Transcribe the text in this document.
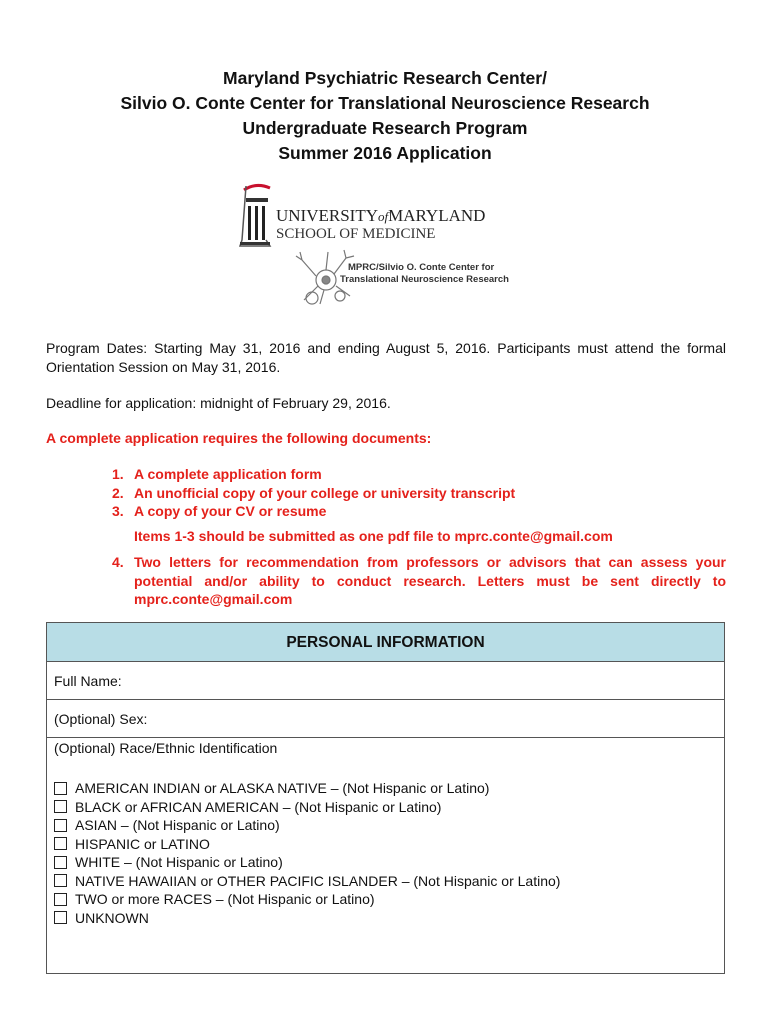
Maryland Psychiatric Research Center/
Silvio O. Conte Center for Translational Neuroscience Research
Undergraduate Research Program
Summer 2016 Application
UNIVERSITYofMARYLAND
SCHOOL OF MEDICINE
MPRC/Silvio O. Conte Center for
Translational Neuroscience Research
Program Dates: Starting May 31, 2016 and ending August 5, 2016. Participants must attend the formal Orientation Session on May 31, 2016.
Deadline for application: midnight of February 29, 2016.
A complete application requires the following documents:
1. A complete application form
2. An unofficial copy of your college or university transcript
3. A copy of your CV or resume
Items 1-3 should be submitted as one pdf file to mprc.conte@gmail.com
4. Two letters for recommendation from professors or advisors that can assess your potential and/or ability to conduct research. Letters must be sent directly to mprc.conte@gmail.com
PERSONAL INFORMATION
Full Name:
(Optional) Sex:
(Optional) Race/Ethnic Identification
AMERICAN INDIAN or ALASKA NATIVE – (Not Hispanic or Latino)
BLACK or AFRICAN AMERICAN – (Not Hispanic or Latino)
ASIAN – (Not Hispanic or Latino)
HISPANIC or LATINO
WHITE – (Not Hispanic or Latino)
NATIVE HAWAIIAN or OTHER PACIFIC ISLANDER – (Not Hispanic or Latino)
TWO or more RACES – (Not Hispanic or Latino)
UNKNOWN
